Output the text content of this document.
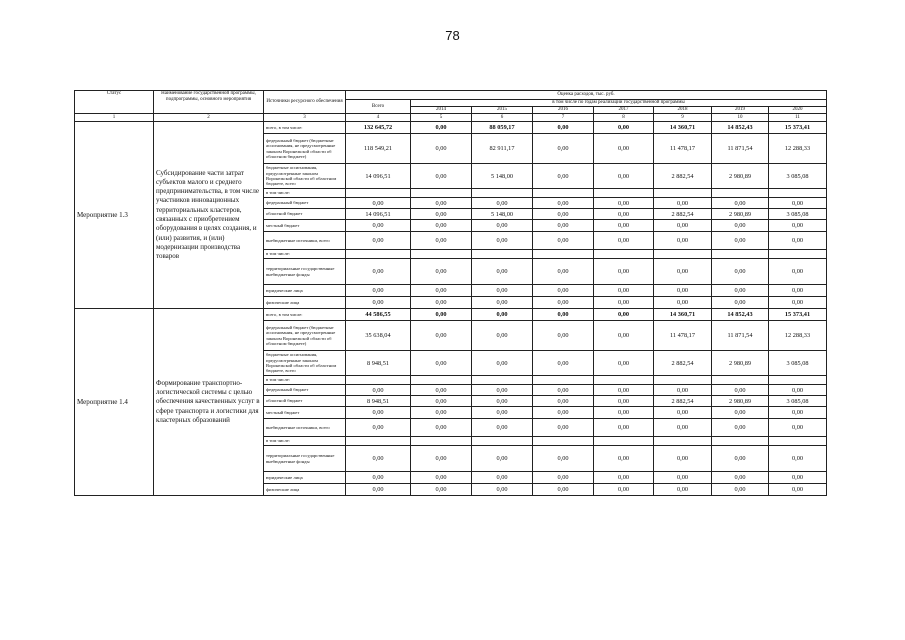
78
Статус	Наименование государственной программы, подпрограммы, основного мероприятия	Источники ресурсного обеспечения	Оценка расходов, тыс. руб.							
			Всего	в том числе по годам реализации государственной программы						
				2014	2015	2016	2017	2018	2019	2020
1	2	3	4	5	6	7	8	9	10	11
Мероприятие 1.3	Субсидирование части затрат субъектов малого и среднего предпринимательства, в том числе участников инновационных территориальных кластеров, связанных с приобретением оборудования в целях создания, и (или) развития, и (или) модернизации производства товаров	всего, в том числе:	132 645,72	0,00	88 059,17	0,00	0,00	14 360,71	14 852,43	15 373,41
		федеральный бюджет (бюджетные ассигнования, не предусмотренные законом Воронежской области об областном бюджете)	118 549,21	0,00	82 911,17	0,00	0,00	11 478,17	11 871,54	12 288,33
		бюджетные ассигнования, предусмотренные законом Воронежской области об областном бюджете, всего	14 096,51	0,00	5 148,00	0,00	0,00	2 882,54	2 980,89	3 085,08
		в том числе:								
		федеральный бюджет	0,00	0,00	0,00	0,00	0,00	0,00	0,00	0,00
		областной бюджет	14 096,51	0,00	5 148,00	0,00	0,00	2 882,54	2 980,89	3 085,08
		местный бюджет	0,00	0,00	0,00	0,00	0,00	0,00	0,00	0,00
		внебюджетные источники, всего	0,00	0,00	0,00	0,00	0,00	0,00	0,00	0,00
		в том числе:								
		территориальные государственные внебюджетные фонды	0,00	0,00	0,00	0,00	0,00	0,00	0,00	0,00
		юридические лица	0,00	0,00	0,00	0,00	0,00	0,00	0,00	0,00
		физические лица	0,00	0,00	0,00	0,00	0,00	0,00	0,00	0,00
Мероприятие 1.4	Формирование транспортно-логистической системы с целью обеспечения качественных услуг в сфере транспорта и логистики для кластерных образований	всего, в том числе:	44 586,55	0,00	0,00	0,00	0,00	14 360,71	14 852,43	15 373,41
		федеральный бюджет (бюджетные ассигнования, не предусмотренные законом Воронежской области об областном бюджете)	35 638,04	0,00	0,00	0,00	0,00	11 478,17	11 871,54	12 288,33
		бюджетные ассигнования, предусмотренные законом Воронежской области об областном бюджете, всего	8 948,51	0,00	0,00	0,00	0,00	2 882,54	2 980,89	3 085,08
		в том числе:								
		федеральный бюджет	0,00	0,00	0,00	0,00	0,00	0,00	0,00	0,00
		областной бюджет	8 948,51	0,00	0,00	0,00	0,00	2 882,54	2 980,89	3 085,08
		местный бюджет	0,00	0,00	0,00	0,00	0,00	0,00	0,00	0,00
		внебюджетные источники, всего	0,00	0,00	0,00	0,00	0,00	0,00	0,00	0,00
		в том числе:								
		территориальные государственные внебюджетные фонды	0,00	0,00	0,00	0,00	0,00	0,00	0,00	0,00
		юридические лица	0,00	0,00	0,00	0,00	0,00	0,00	0,00	0,00
		физические лица	0,00	0,00	0,00	0,00	0,00	0,00	0,00	0,00
